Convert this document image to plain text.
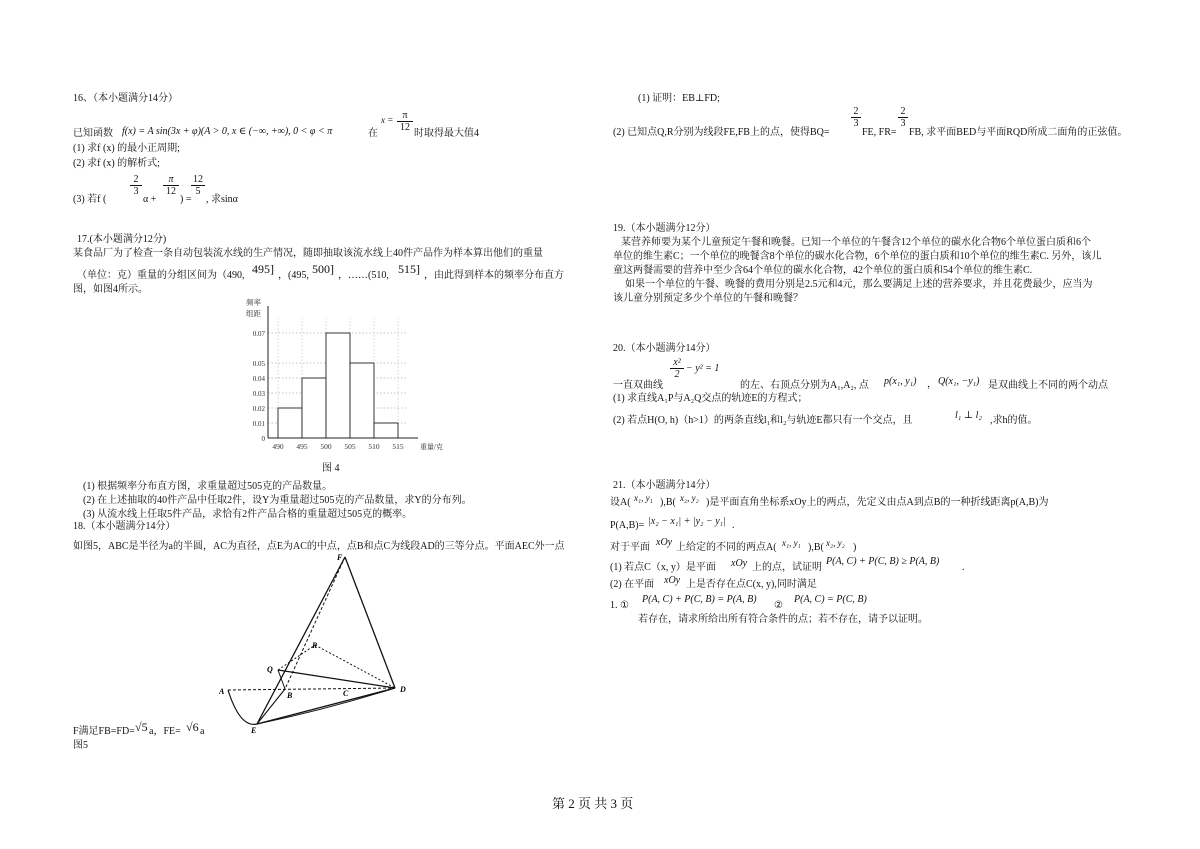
16、（本小题满分14分）
已知函数 f(x) = A sin(3x + φ)(A > 0, x ∈ (−∞, +∞), 0 < φ < π	在
$x = \frac{\pi}{12}$
时取得最大值4
(1) 求f (x) 的最小正周期;
(2) 求f (x) 的解析式;
$\frac{2}{3} \frac{\pi}{12} \frac{12}{5}$
(3) 若f (	α + ) = , 求sinα
17.(本小题满分12分)
某食品厂为了检查一条自动包装流水线的生产情况，随即抽取该流水线上40件产品作为样本算出他们的重量
（单位：克）重量的分组区间为（490, 495] ，(495, 500] ，……(510, 515] ，由此得到样本的频率分布直方
图，如图4所示。
0
0.01
0.02
0.03
0.04
0.05
0.07
490 495 500 505 510 515
频率
组距
重量/克
图 4
(1) 根据频率分布直方图，求重量超过505克的产品数量。
(2) 在上述抽取的40件产品中任取2件，设Y为重量超过505克的产品数量，求Y的分布列。
(3) 从流水线上任取5件产品，求恰有2件产品合格的重量超过505克的概率。
18.（本小题满分14分）
如图5，ABC是半径为a的半圆，AC为直径，点E为AC的中点，点B和点C为线段AD的三等分点。平面AEC外一点
F
Q
R
A	B	C	D
E
F满足FB=FD= √5 a，FE= √6 a
图5
(1) 证明：EB⊥FD;
(2) 已知点Q,R分别为线段FE,FB上的点，使得BQ=
$\frac{2}{3}$
FE, FR=
$\frac{2}{3}$
FB, 求平面BED与平面RQD所成二面角的正弦值。
19.（本小题满分12分）
某营养师要为某个儿童预定午餐和晚餐。已知一个单位的午餐含12个单位的碳水化合物6个单位蛋白质和6个
单位的维生素C；一个单位的晚餐含8个单位的碳水化合物，6个单位的蛋白质和10个单位的维生素C. 另外，该儿
童这两餐需要的营养中至少含64个单位的碳水化合物，42个单位的蛋白质和54个单位的维生素C.
如果一个单位的午餐、晚餐的费用分别是2.5元和4元，那么要满足上述的营养要求，并且花费最少，应当为
该儿童分别预定多少个单位的午餐和晚餐？
20.（本小题满分14分）
一直双曲线
$\frac{\text{x²}}{2} - y^2 = 1$
的左、右顶点分别为A₁,A₂, 点 p(x₁, y₁) ， Q(x₁, −y₁) 是双曲线上不同的两个动点
(1) 求直线A₁P与A₂Q交点的轨迹E的方程式；
(2) 若点H(O, h)（h>1）的两条直线l₁和l₂与轨迹E都只有一个交点，且	l₁ ⊥ l₂ ,求h的值。
21.（本小题满分14分）
设A( x₁, y₁ ),B( x₂, y₂ )是平面直角坐标系xOy上的两点，先定义由点A到点B的一种折线距离p(A,B)为
P(A,B)= |x₂ − x₁| + |y₂ − y₁| .
对于平面 xOy 上给定的不同的两点A( x₁, y₁ ),B( x₂, y₂ )
(1) 若点C（x, y）是平面 xOy 上的点，试证明
P(A, C) + P(C, B) ≥ P(A, B)
.
(2) 在平面 xOy 上是否存在点C(x, y),同时满足
1. ①
P(A, C) + P(C, B) = P(A, B)
②
P(A, C) = P(C, B)
若存在，请求所给出所有符合条件的点；若不存在，请予以证明。
第 2 页 共 3 页
